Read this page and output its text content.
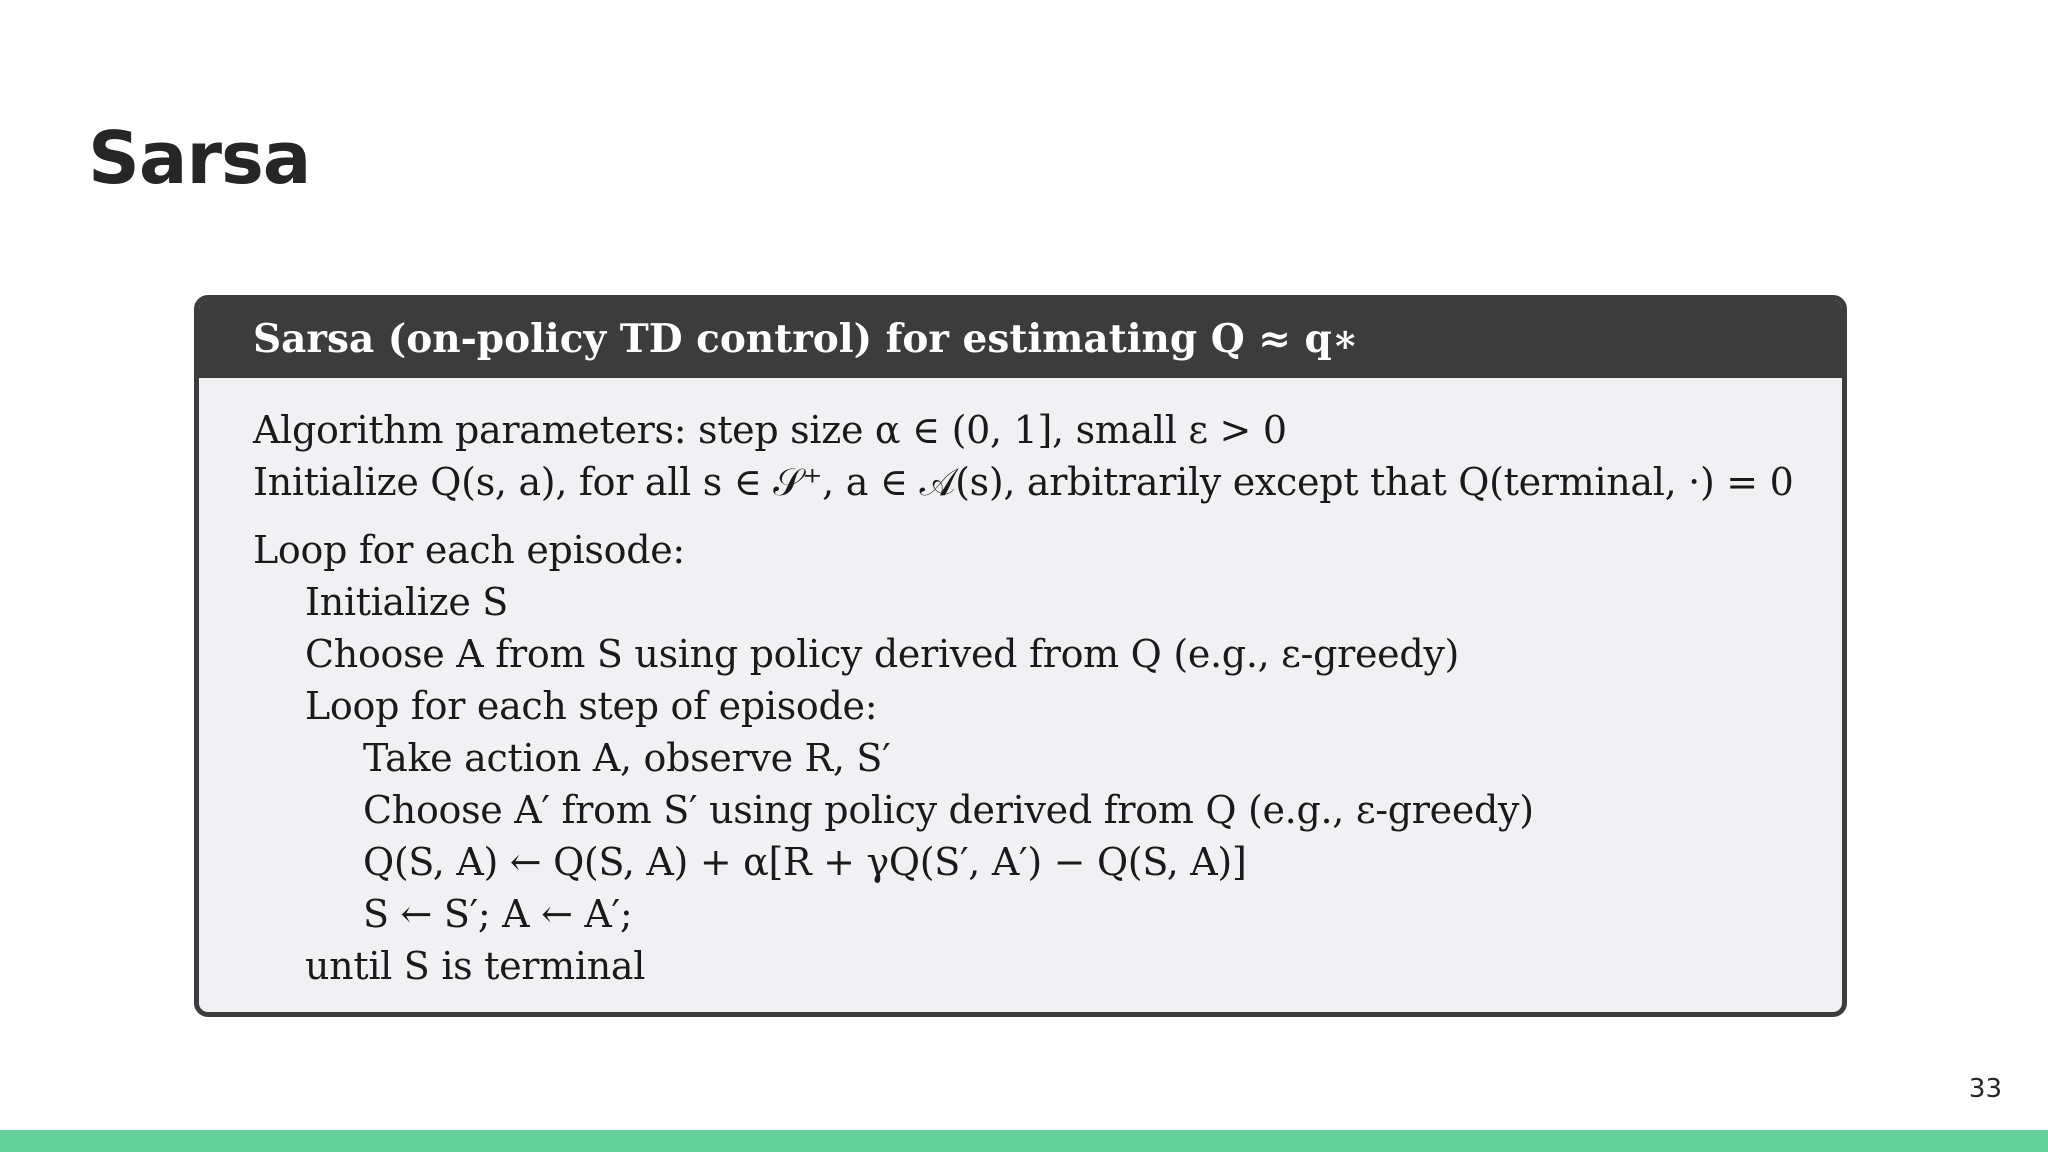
Sarsa
Sarsa (on-policy TD control) for estimating Q ≈ q∗
Algorithm parameters: step size α ∈ (0, 1], small ε > 0
Initialize Q(s, a), for all s ∈ 𝒮⁺, a ∈ 𝒜(s), arbitrarily except that Q(terminal, ·) = 0
Loop for each episode:
Initialize S
Choose A from S using policy derived from Q (e.g., ε-greedy)
Loop for each step of episode:
Take action A, observe R, S′
Choose A′ from S′ using policy derived from Q (e.g., ε-greedy)
Q(S, A) ← Q(S, A) + α[R + γQ(S′, A′) − Q(S, A)]
S ← S′; A ← A′;
until S is terminal
33
